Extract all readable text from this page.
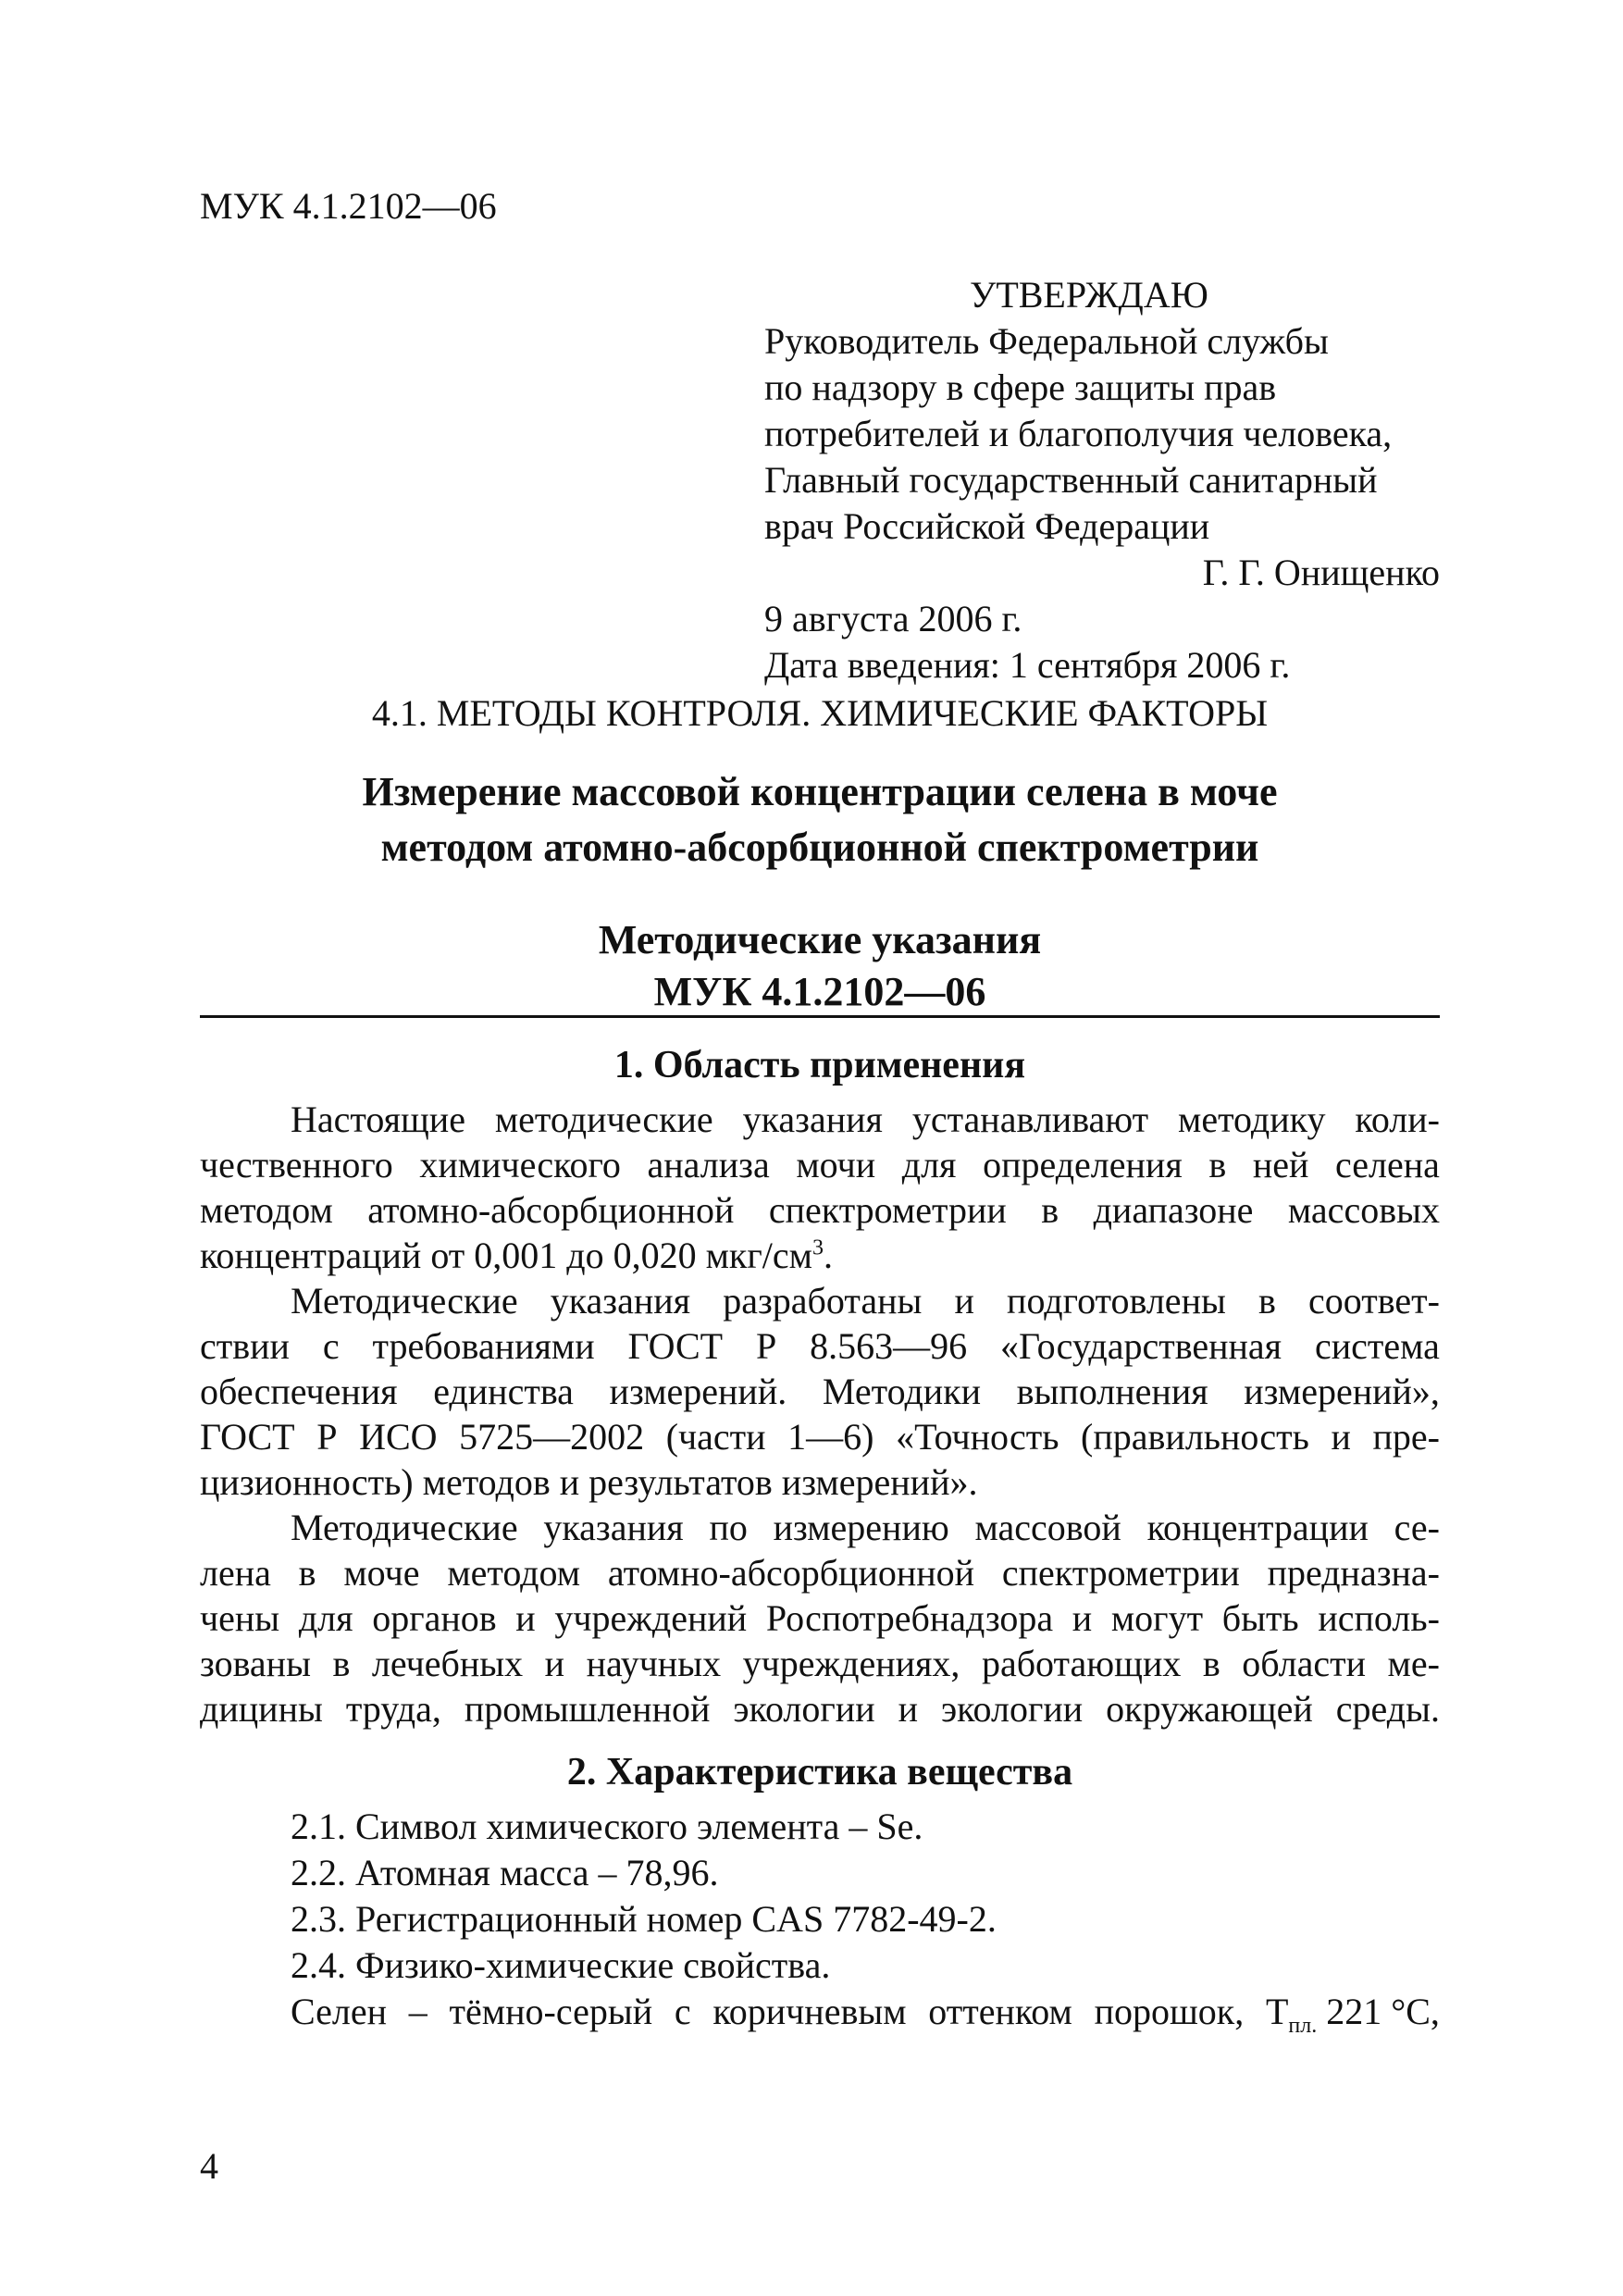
МУК 4.1.2102—06
УТВЕРЖДАЮ
Руководитель Федеральной службы
по надзору в сфере защиты прав
потребителей и благополучия человека,
Главный государственный санитарный
врач Российской Федерации
Г. Г. Онищенко
9 августа 2006 г.
Дата введения: 1 сентября 2006 г.
4.1. МЕТОДЫ КОНТРОЛЯ. ХИМИЧЕСКИЕ ФАКТОРЫ
Измерение массовой концентрации селена в моче
методом атомно-абсорбционной спектрометрии
Методические указания
МУК 4.1.2102—06
1. Область применения
Настоящие методические указания устанавливают методику коли-
чественного химического анализа мочи для определения в ней селена
методом атомно-абсорбционной спектрометрии в диапазоне массовых
концентраций от 0,001 до 0,020 мкг/$см^3$.
Методические указания разработаны и подготовлены в соответ-
ствии с требованиями ГОСТ Р 8.563—96 «Государственная система
обеспечения единства измерений. Методики выполнения измерений»,
ГОСТ Р ИСО 5725—2002 (части 1—6) «Точность (правильность и пре-
цизионность) методов и результатов измерений».
Методические указания по измерению массовой концентрации се-
лена в моче методом атомно-абсорбционной спектрометрии предназна-
чены для органов и учреждений Роспотребнадзора и могут быть исполь-
зованы в лечебных и научных учреждениях, работающих в области ме-
дицины труда, промышленной экологии и экологии окружающей среды.
2. Характеристика вещества
2.1. Символ химического элемента – Se.
2.2. Атомная масса – 78,96.
2.3. Регистрационный номер CAS 7782-49-2.
2.4. Физико-химические свойства.
Селен – тёмно-серый с коричневым оттенком порошок, $Т_{пл.}$ 221 °С,
4
